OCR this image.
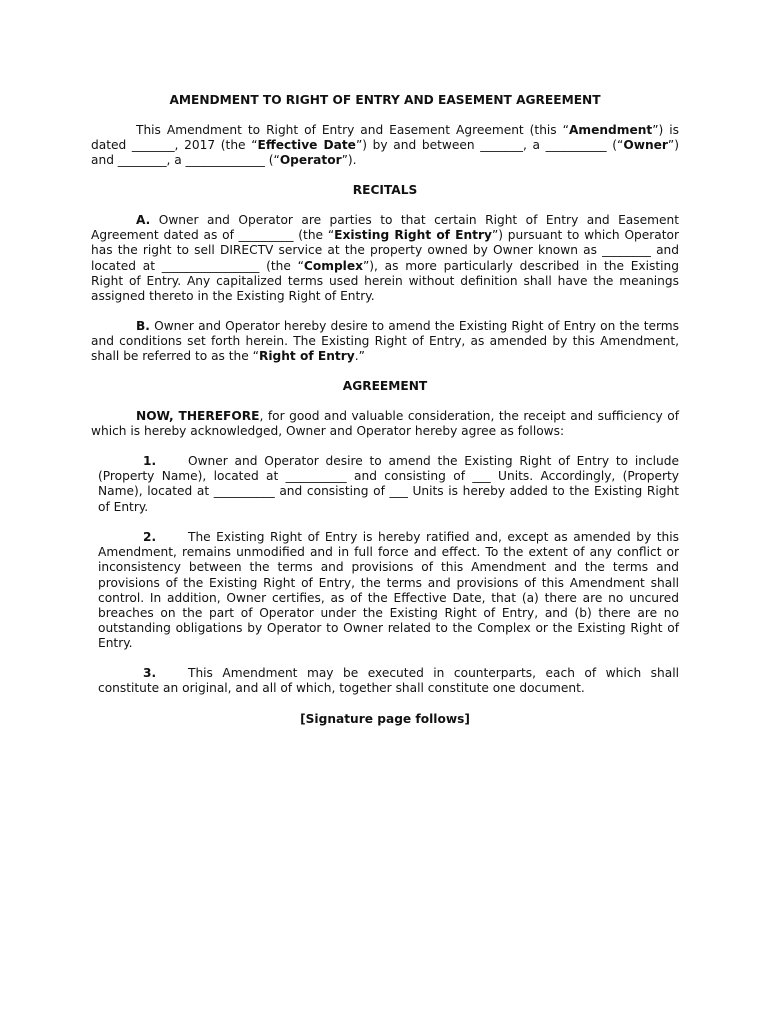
AMENDMENT TO RIGHT OF ENTRY AND EASEMENT AGREEMENT

This Amendment to Right of Entry and Easement Agreement (this “Amendment”) is dated _______, 2017 (the “Effective Date”) by and between _______, a __________ (“Owner”) and ________, a _____________ (“Operator”).

RECITALS

A. Owner and Operator are parties to that certain Right of Entry and Easement Agreement dated as of _________ (the “Existing Right of Entry”) pursuant to which Operator has the right to sell DIRECTV service at the property owned by Owner known as ________ and located at ________________ (the “Complex”), as more particularly described in the Existing Right of Entry. Any capitalized terms used herein without definition shall have the meanings assigned thereto in the Existing Right of Entry.

B. Owner and Operator hereby desire to amend the Existing Right of Entry on the terms and conditions set forth herein. The Existing Right of Entry, as amended by this Amendment, shall be referred to as the “Right of Entry.”

AGREEMENT

NOW, THEREFORE, for good and valuable consideration, the receipt and sufficiency of which is hereby acknowledged, Owner and Operator hereby agree as follows:

1.	Owner and Operator desire to amend the Existing Right of Entry to include (Property Name), located at __________ and consisting of ___ Units. Accordingly, (Property Name), located at __________ and consisting of ___ Units is hereby added to the Existing Right of Entry.

2.	The Existing Right of Entry is hereby ratified and, except as amended by this Amendment, remains unmodified and in full force and effect. To the extent of any conflict or inconsistency between the terms and provisions of this Amendment and the terms and provisions of the Existing Right of Entry, the terms and provisions of this Amendment shall control. In addition, Owner certifies, as of the Effective Date, that (a) there are no uncured breaches on the part of Operator under the Existing Right of Entry, and (b) there are no outstanding obligations by Operator to Owner related to the Complex or the Existing Right of Entry.

3.	This Amendment may be executed in counterparts, each of which shall constitute an original, and all of which, together shall constitute one document.

[Signature page follows]
